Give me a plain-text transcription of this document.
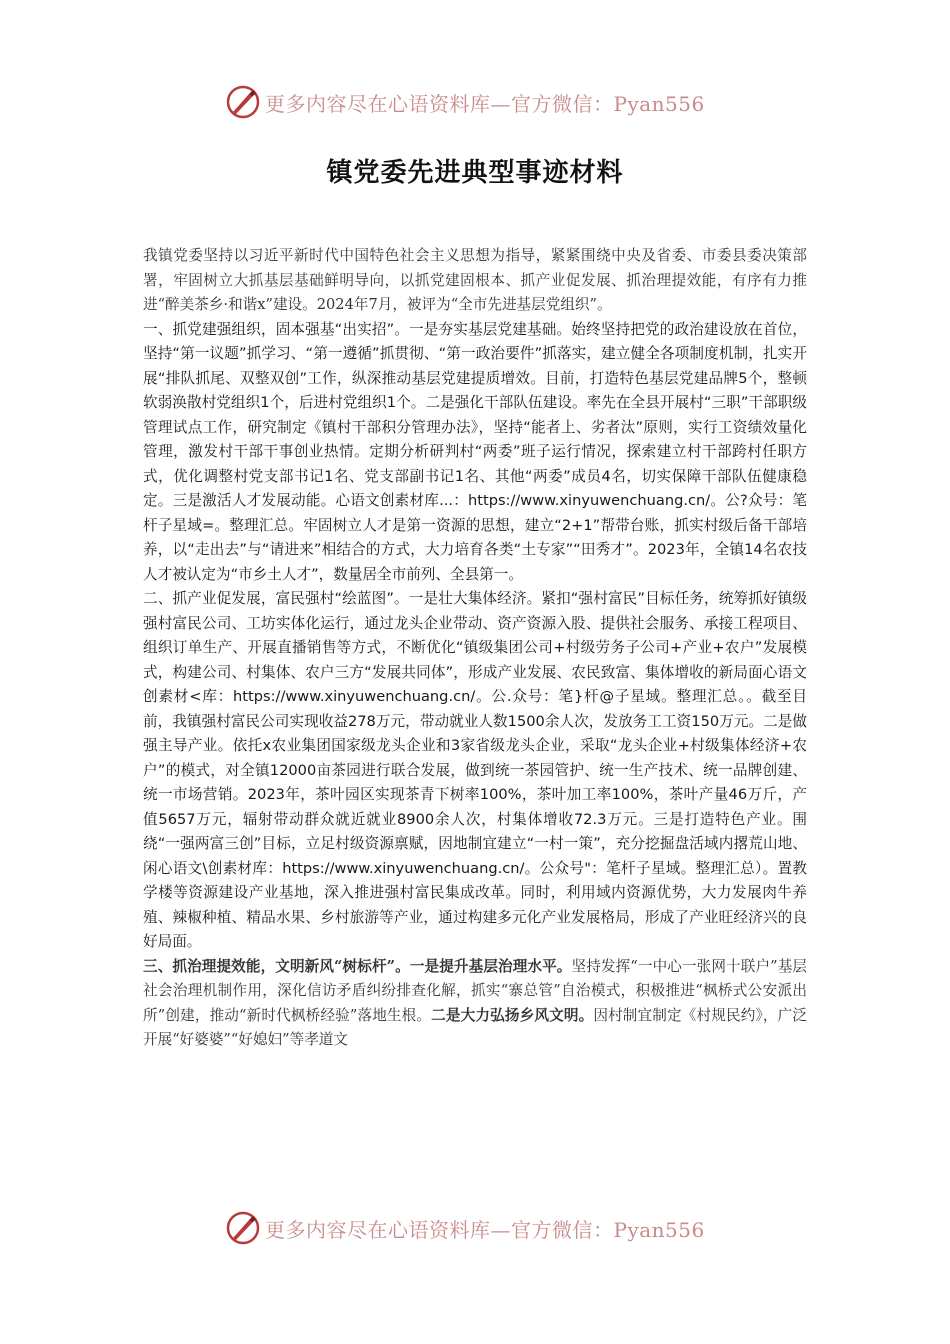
更多内容尽在心语资料库—官方微信：Pyan556
镇党委先进典型事迹材料

我镇党委坚持以习近平新时代中国特色社会主义思想为指导，紧紧围绕中央及省委、市委县委决策部署，牢固树立大抓基层基础鲜明导向，以抓党建固根本、抓产业促发展、抓治理提效能，有序有力推进“醉美茶乡·和谐x”建设。2024年7月，被评为“全市先进基层党组织”。

一、抓党建强组织，固本强基“出实招”。一是夯实基层党建基础。始终坚持把党的政治建设放在首位，坚持“第一议题”抓学习、“第一遵循”抓贯彻、“第一政治要件”抓落实，建立健全各项制度机制，扎实开展“排队抓尾、双整双创”工作，纵深推动基层党建提质增效。目前，打造特色基层党建品牌5个，整顿软弱涣散村党组织1个，后进村党组织1个。二是强化干部队伍建设。率先在全县开展村“三职”干部职级管理试点工作，研究制定《镇村干部积分管理办法》，坚持“能者上、劣者汰”原则，实行工资绩效量化管理，激发村干部干事创业热情。定期分析研判村“两委”班子运行情况，探索建立村干部跨村任职方式，优化调整村党支部书记1名、党支部副书记1名、其他“两委”成员4名，切实保障干部队伍健康稳定。三是激活人才发展动能。心语文创素材库...：https://www.xinyuwenchuang.cn/。公?众号：笔杆子星域=。整理汇总。牢固树立人才是第一资源的思想，建立“2+1”帮带台账，抓实村级后备干部培养，以“走出去”与“请进来”相结合的方式，大力培育各类“土专家”“田秀才”。2023年，全镇14名农技人才被认定为“市乡土人才”，数量居全市前列、全县第一。

二、抓产业促发展，富民强村“绘蓝图”。一是壮大集体经济。紧扣“强村富民”目标任务，统筹抓好镇级强村富民公司、工坊实体化运行，通过龙头企业带动、资产资源入股、提供社会服务、承接工程项目、组织订单生产、开展直播销售等方式，不断优化“镇级集团公司+村级劳务子公司+产业+农户”发展模式，构建公司、村集体、农户三方“发展共同体”，形成产业发展、农民致富、集体增收的新局面心语文创素材<库：https://www.xinyuwenchuang.cn/。公.众号：笔}杆@子星域。整理汇总。。截至目前，我镇强村富民公司实现收益278万元，带动就业人数1500余人次，发放务工工资150万元。二是做强主导产业。依托x农业集团国家级龙头企业和3家省级龙头企业，采取“龙头企业+村级集体经济+农户”的模式，对全镇12000亩茶园进行联合发展，做到统一茶园管护、统一生产技术、统一品牌创建、统一市场营销。2023年，茶叶园区实现茶青下树率100%，茶叶加工率100%，茶叶产量46万斤，产值5657万元，辐射带动群众就近就业8900余人次，村集体增收72.3万元。三是打造特色产业。围绕“一强两富三创”目标，立足村级资源禀赋，因地制宜建立“一村一策”，充分挖掘盘活域内撂荒山地、闲心语文\创素材库：https://www.xinyuwenchuang.cn/。公众号"：笔杆子星域。整理汇总）。置教学楼等资源建设产业基地，深入推进强村富民集成改革。同时，利用域内资源优势，大力发展肉牛养殖、辣椒种植、精品水果、乡村旅游等产业，通过构建多元化产业发展格局，形成了产业旺经济兴的良好局面。

三、抓治理提效能，文明新风“树标杆”。一是提升基层治理水平。坚持发挥“一中心一张网十联户”基层社会治理机制作用，深化信访矛盾纠纷排查化解，抓实“寨总管”自治模式，积极推进“枫桥式公安派出所”创建，推动“新时代枫桥经验”落地生根。二是大力弘扬乡风文明。因村制宜制定《村规民约》，广泛开展“好婆婆”“好媳妇”等孝道文

更多内容尽在心语资料库—官方微信：Pyan556
